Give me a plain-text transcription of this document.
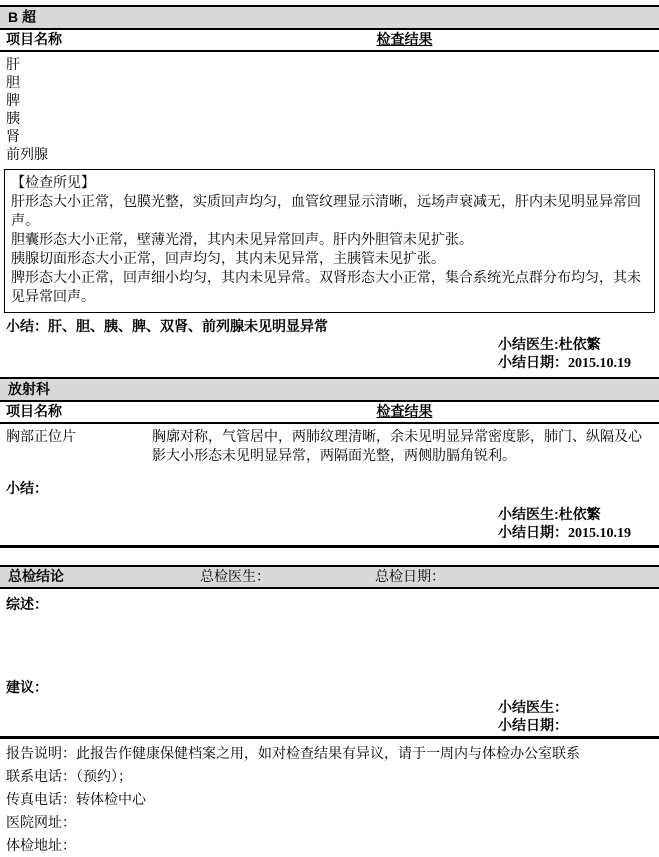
B 超
项目名称	检查结果
肝
胆
脾
胰
肾
前列腺
【检查所见】
肝形态大小正常，包膜光整，实质回声均匀，血管纹理显示清晰，远场声衰减无，肝内未见明显异常回声。
胆囊形态大小正常，壁薄光滑，其内未见异常回声。肝内外胆管未见扩张。
胰腺切面形态大小正常，回声均匀，其内未见异常，主胰管未见扩张。
脾形态大小正常，回声细小均匀，其内未见异常。双肾形态大小正常，集合系统光点群分布均匀，其未见异常回声。
小结：肝、胆、胰、脾、双肾、前列腺未见明显异常
小结医生:杜依繁
小结日期：2015.10.19
放射科
项目名称	检查结果
胸部正位片	胸廓对称，气管居中，两肺纹理清晰，余未见明显异常密度影，肺门、纵隔及心影大小形态未见明显异常，两隔面光整，两侧肋膈角锐利。
小结：
小结医生:杜依繁
小结日期：2015.10.19
总检结论	总检医生：	总检日期：
综述：
建议：
小结医生：
小结日期：
报告说明：此报告作健康保健档案之用，如对检查结果有异议，请于一周内与体检办公室联系
联系电话：（预约）；
传真电话：转体检中心
医院网址：
体检地址：
